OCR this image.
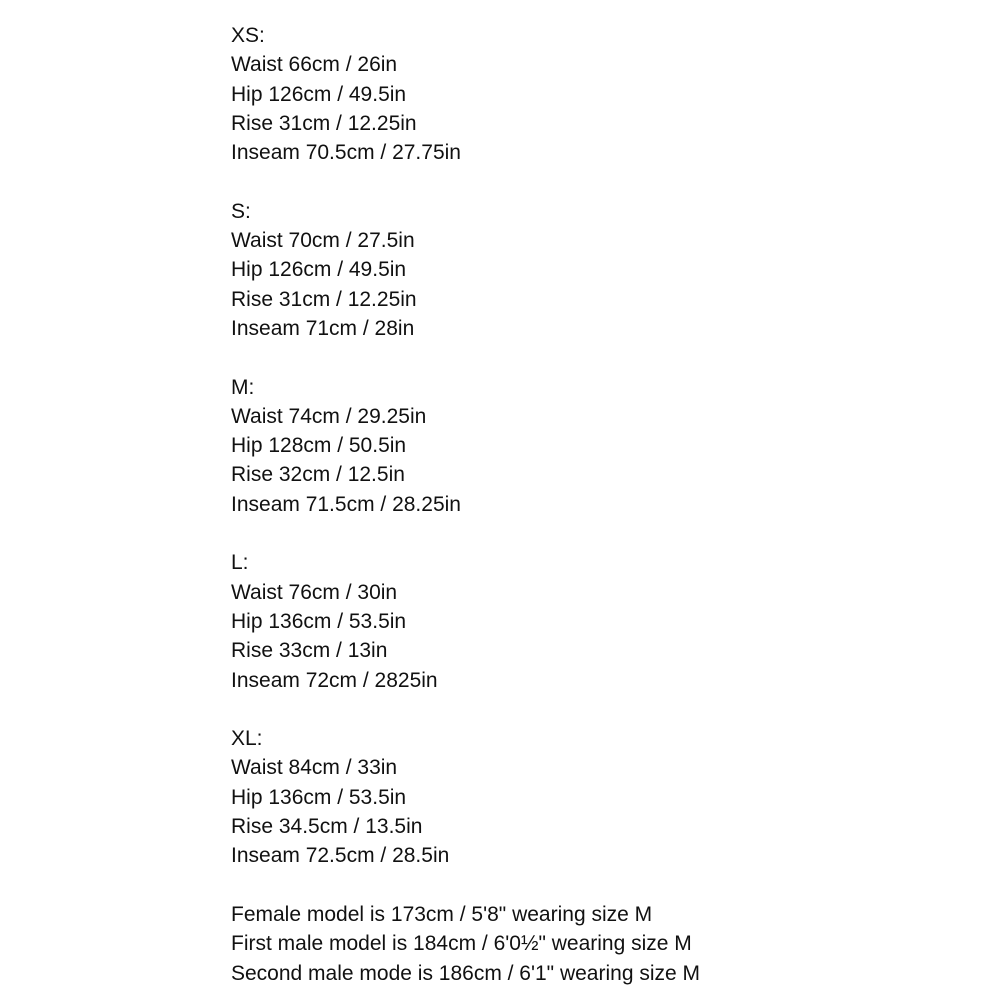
XS:
Waist 66cm / 26in
Hip 126cm / 49.5in
Rise 31cm / 12.25in
Inseam 70.5cm / 27.75in
S:
Waist 70cm / 27.5in
Hip 126cm / 49.5in
Rise 31cm / 12.25in
Inseam 71cm / 28in
M:
Waist 74cm / 29.25in
Hip 128cm / 50.5in
Rise 32cm / 12.5in
Inseam 71.5cm / 28.25in
L:
Waist 76cm / 30in
Hip 136cm / 53.5in
Rise 33cm / 13in
Inseam 72cm / 2825in
XL:
Waist 84cm / 33in
Hip 136cm / 53.5in
Rise 34.5cm / 13.5in
Inseam 72.5cm / 28.5in
Female model is 173cm / 5'8" wearing size M
First male model is 184cm / 6'0½" wearing size M
Second male mode is 186cm / 6'1" wearing size M
